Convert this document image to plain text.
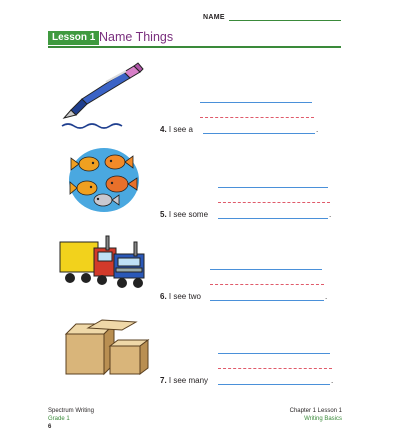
NAME
Lesson 1 Name Things
4. I see a	.
5. I see some	.
6. I see two	.
7. I see many	.
Spectrum Writing
Grade 1
6
Chapter 1 Lesson 1
Writing Basics
